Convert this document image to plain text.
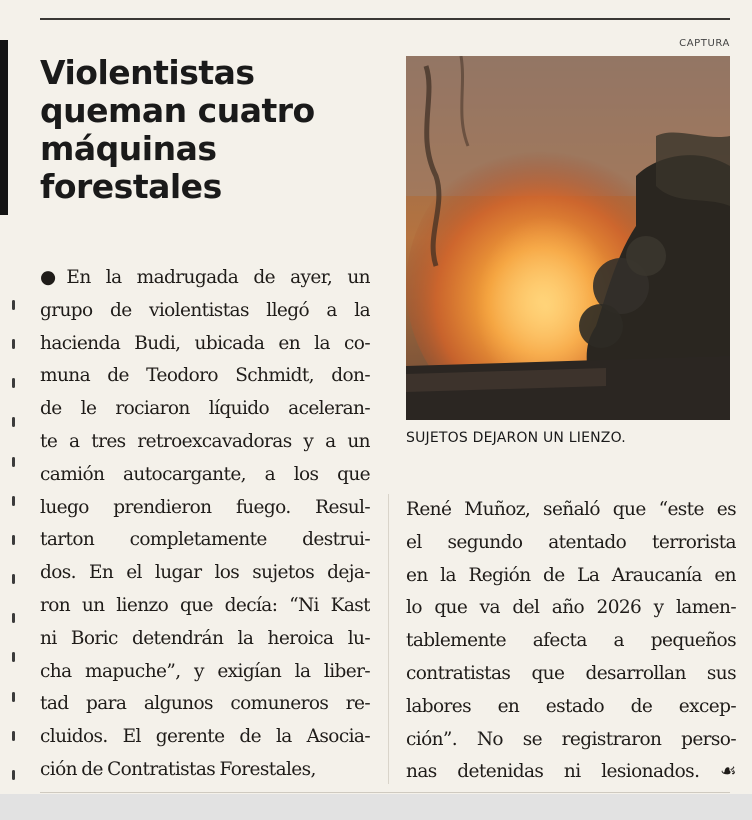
Violentistas
queman cuatro
máquinas
forestales
●En la madrugada de ayer, un
grupo de violentistas llegó a la
hacienda Budi, ubicada en la co-
muna de Teodoro Schmidt, don-
de le rociaron líquido aceleran-
te a tres retroexcavadoras y a un
camión autocargante, a los que
luego prendieron fuego. Resul-
tarton completamente destrui-
dos. En el lugar los sujetos deja-
ron un lienzo que decía: “Ni Kast
ni Boric detendrán la heroica lu-
cha mapuche”, y exigían la liber-
tad para algunos comuneros re-
cluidos. El gerente de la Asocia-
ción de Contratistas Forestales,
CAPTURA
SUJETOS DEJARON UN LIENZO.
René Muñoz, señaló que “este es
el segundo atentado terrorista
en la Región de La Araucanía en
lo que va del año 2026 y lamen-
tablemente afecta a pequeños
contratistas que desarrollan sus
labores en estado de excep-
ción”. No se registraron perso-
nas detenidas ni lesionados. ☙
